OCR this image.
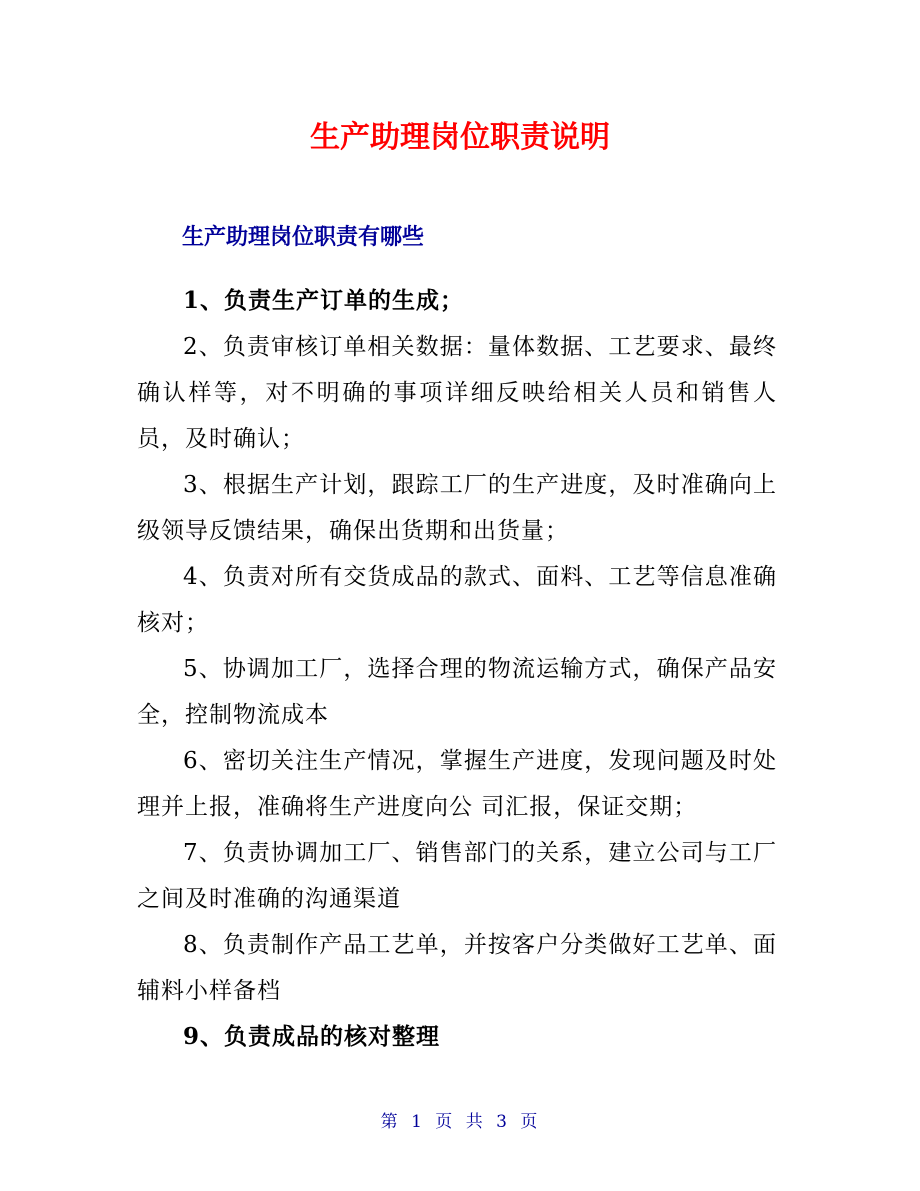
生产助理岗位职责说明
生产助理岗位职责有哪些

1、负责生产订单的生成；

2、负责审核订单相关数据：量体数据、工艺要求、最终确认样等，对不明确的事项详细反映给相关人员和销售人员，及时确认；

3、根据生产计划，跟踪工厂的生产进度，及时准确向上级领导反馈结果，确保出货期和出货量；

4、负责对所有交货成品的款式、面料、工艺等信息准确核对；

5、协调加工厂，选择合理的物流运输方式，确保产品安全，控制物流成本

6、密切关注生产情况，掌握生产进度，发现问题及时处理并上报，准确将生产进度向公 司汇报，保证交期；

7、负责协调加工厂、销售部门的关系，建立公司与工厂之间及时准确的沟通渠道

8、负责制作产品工艺单，并按客户分类做好工艺单、面辅料小样备档

9、负责成品的核对整理

第 1 页 共 3 页
